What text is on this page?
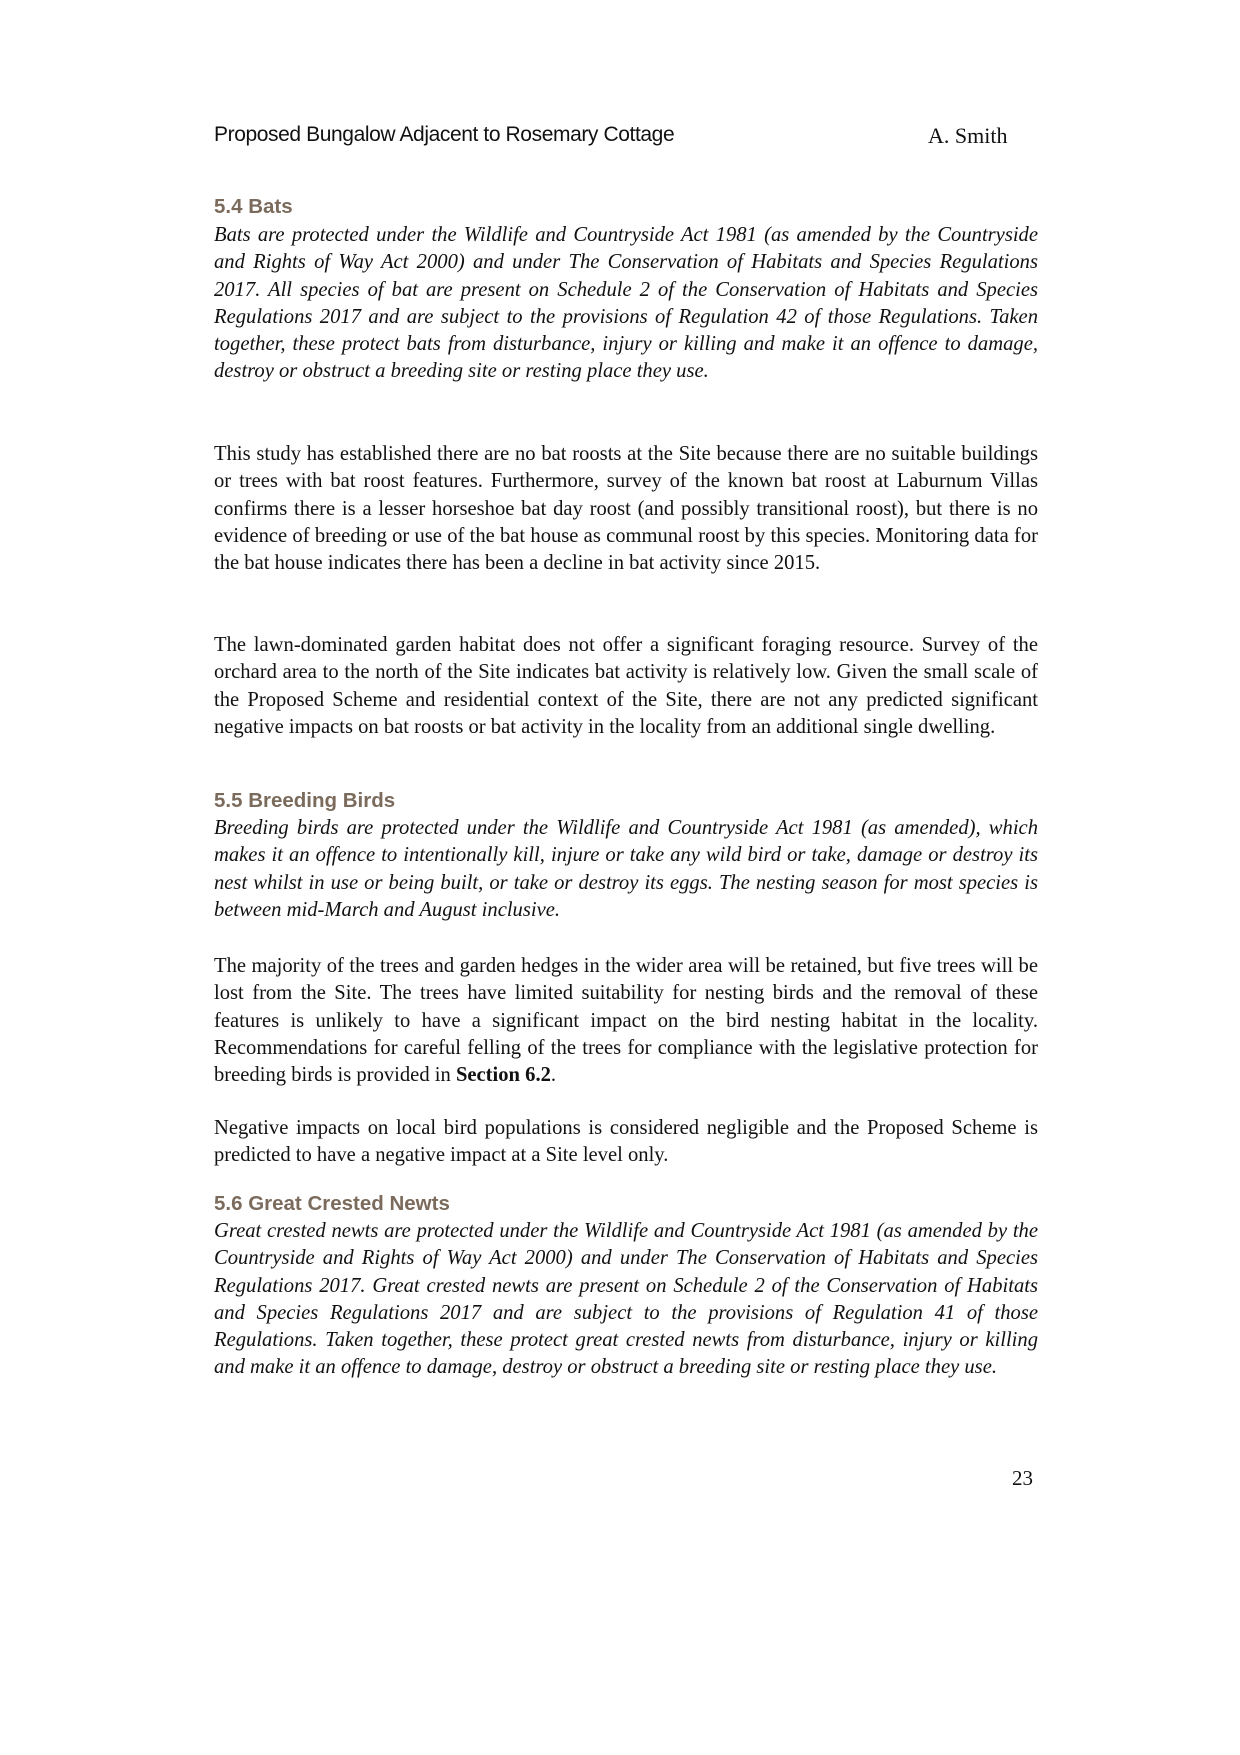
Proposed Bungalow Adjacent to Rosemary Cottage	A. Smith
5.4 Bats

Bats are protected under the Wildlife and Countryside Act 1981 (as amended by the Countryside and Rights of Way Act 2000) and under The Conservation of Habitats and Species Regulations 2017. All species of bat are present on Schedule 2 of the Conservation of Habitats and Species Regulations 2017 and are subject to the provisions of Regulation 42 of those Regulations. Taken together, these protect bats from disturbance, injury or killing and make it an offence to damage, destroy or obstruct a breeding site or resting place they use.

This study has established there are no bat roosts at the Site because there are no suitable buildings or trees with bat roost features. Furthermore, survey of the known bat roost at Laburnum Villas confirms there is a lesser horseshoe bat day roost (and possibly transitional roost), but there is no evidence of breeding or use of the bat house as communal roost by this species. Monitoring data for the bat house indicates there has been a decline in bat activity since 2015.

The lawn-dominated garden habitat does not offer a significant foraging resource. Survey of the orchard area to the north of the Site indicates bat activity is relatively low. Given the small scale of the Proposed Scheme and residential context of the Site, there are not any predicted significant negative impacts on bat roosts or bat activity in the locality from an additional single dwelling.

5.5 Breeding Birds

Breeding birds are protected under the Wildlife and Countryside Act 1981 (as amended), which makes it an offence to intentionally kill, injure or take any wild bird or take, damage or destroy its nest whilst in use or being built, or take or destroy its eggs. The nesting season for most species is between mid-March and August inclusive.

The majority of the trees and garden hedges in the wider area will be retained, but five trees will be lost from the Site. The trees have limited suitability for nesting birds and the removal of these features is unlikely to have a significant impact on the bird nesting habitat in the locality. Recommendations for careful felling of the trees for compliance with the legislative protection for breeding birds is provided in Section 6.2.

Negative impacts on local bird populations is considered negligible and the Proposed Scheme is predicted to have a negative impact at a Site level only.

5.6 Great Crested Newts

Great crested newts are protected under the Wildlife and Countryside Act 1981 (as amended by the Countryside and Rights of Way Act 2000) and under The Conservation of Habitats and Species Regulations 2017. Great crested newts are present on Schedule 2 of the Conservation of Habitats and Species Regulations 2017 and are subject to the provisions of Regulation 41 of those Regulations. Taken together, these protect great crested newts from disturbance, injury or killing and make it an offence to damage, destroy or obstruct a breeding site or resting place they use.

23
